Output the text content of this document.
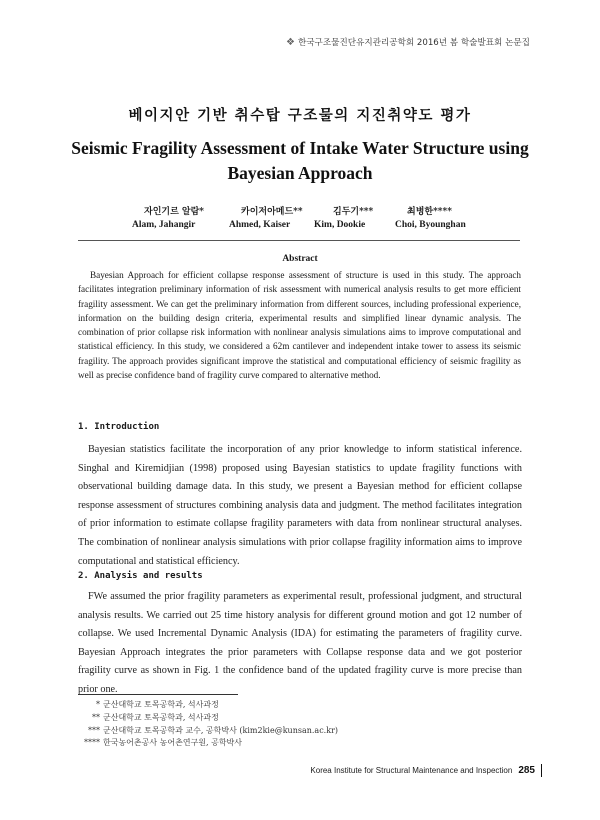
❖ 한국구조물진단유지관리공학회 2016년 봄 학술발표회 논문집
베이지안 기반 취수탑 구조물의 지진취약도 평가
Seismic Fragility Assessment of Intake Water Structure using Bayesian Approach
자인기르 알람*
Alam, Jahangir
카이저아메드**
Ahmed, Kaiser
김두기***
Kim, Dookie
최병한****
Choi, Byounghan
Abstract
Bayesian Approach for efficient collapse response assessment of structure is used in this study. The approach facilitates integration preliminary information of risk assessment with numerical analysis results to get more efficient fragility assessment. We can get the preliminary information from different sources, including professional experience, information on the building design criteria, experimental results and simplified linear dynamic analysis. The combination of prior collapse risk information with nonlinear analysis simulations aims to improve computational and statistical efficiency. In this study, we considered a 62m cantilever and independent intake tower to assess its seismic fragility. The approach provides significant improve the statistical and computational efficiency of seismic fragility as well as precise confidence band of fragility curve compared to alternative method.
1. Introduction
Bayesian statistics facilitate the incorporation of any prior knowledge to inform statistical inference. Singhal and Kiremidjian (1998) proposed using Bayesian statistics to update fragility functions with observational building damage data. In this study, we present a Bayesian method for efficient collapse response assessment of structures combining analysis data and judgment. The method facilitates integration of prior information to estimate collapse fragility parameters with data from nonlinear structural analyses. The combination of nonlinear analysis simulations with prior collapse fragility information aims to improve computational and statistical efficiency.
2. Analysis and results
FWe assumed the prior fragility parameters as experimental result, professional judgment, and structural analysis results. We carried out 25 time history analysis for different ground motion and got 12 number of collapse. We used Incremental Dynamic Analysis (IDA) for estimating the parameters of fragility curve. Bayesian Approach integrates the prior parameters with Collapse response data and we got posterior fragility curve as shown in Fig. 1 the confidence band of the updated fragility curve is more precise than prior one.
* 군산대학교 토목공학과, 석사과정
** 군산대학교 토목공학과, 석사과정
*** 군산대학교 토목공학과 교수, 공학박사 (kim2kie@kunsan.ac.kr)
**** 한국농어촌공사 농어촌연구원, 공학박사
Korea Institute for Structural Maintenance and Inspection 285
